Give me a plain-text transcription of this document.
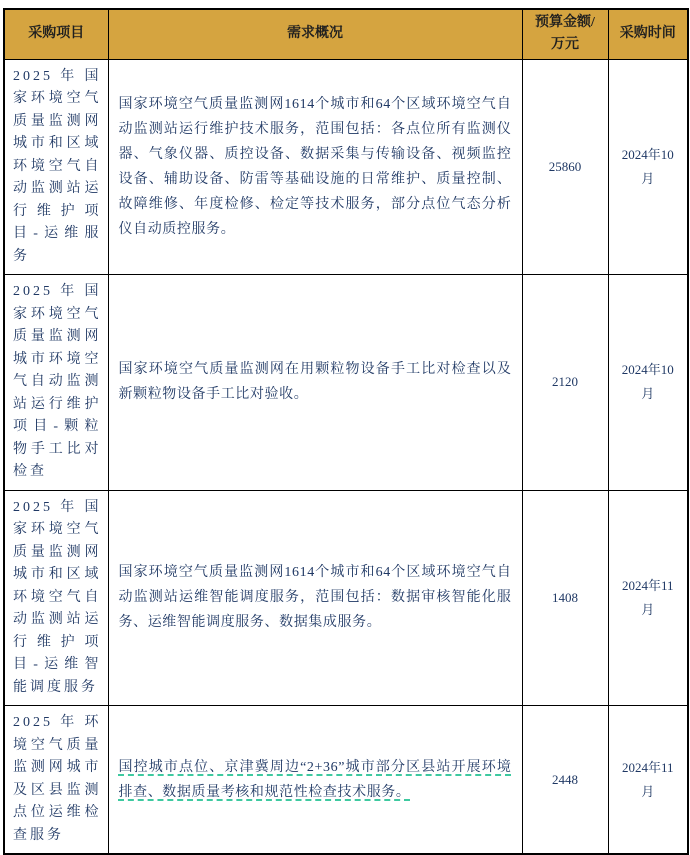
采购项目	需求概况	预算金额/万元	采购时间
2025年国家环境空气质量监测网城市和区域环境空气自动监测站运行维护项目-运维服务	国家环境空气质量监测网1614个城市和64个区域环境空气自动监测站运行维护技术服务，范围包括：各点位所有监测仪器、气象仪器、质控设备、数据采集与传输设备、视频监控设备、辅助设备、防雷等基础设施的日常维护、质量控制、故障维修、年度检修、检定等技术服务，部分点位气态分析仪自动质控服务。	25860	2024年10月
2025年国家环境空气质量监测网城市环境空气自动监测站运行维护项目-颗粒物手工比对检查	国家环境空气质量监测网在用颗粒物设备手工比对检查以及新颗粒物设备手工比对验收。	2120	2024年10月
2025年国家环境空气质量监测网城市和区域环境空气自动监测站运行维护项目-运维智能调度服务	国家环境空气质量监测网1614个城市和64个区域环境空气自动监测站运维智能调度服务，范围包括：数据审核智能化服务、运维智能调度服务、数据集成服务。	1408	2024年11月
2025年环境空气质量监测网城市及区县监测点位运维检查服务	国控城市点位、京津冀周边“2+36”城市部分区县站开展环境排查、数据质量考核和规范性检查技术服务。	2448	2024年11月
